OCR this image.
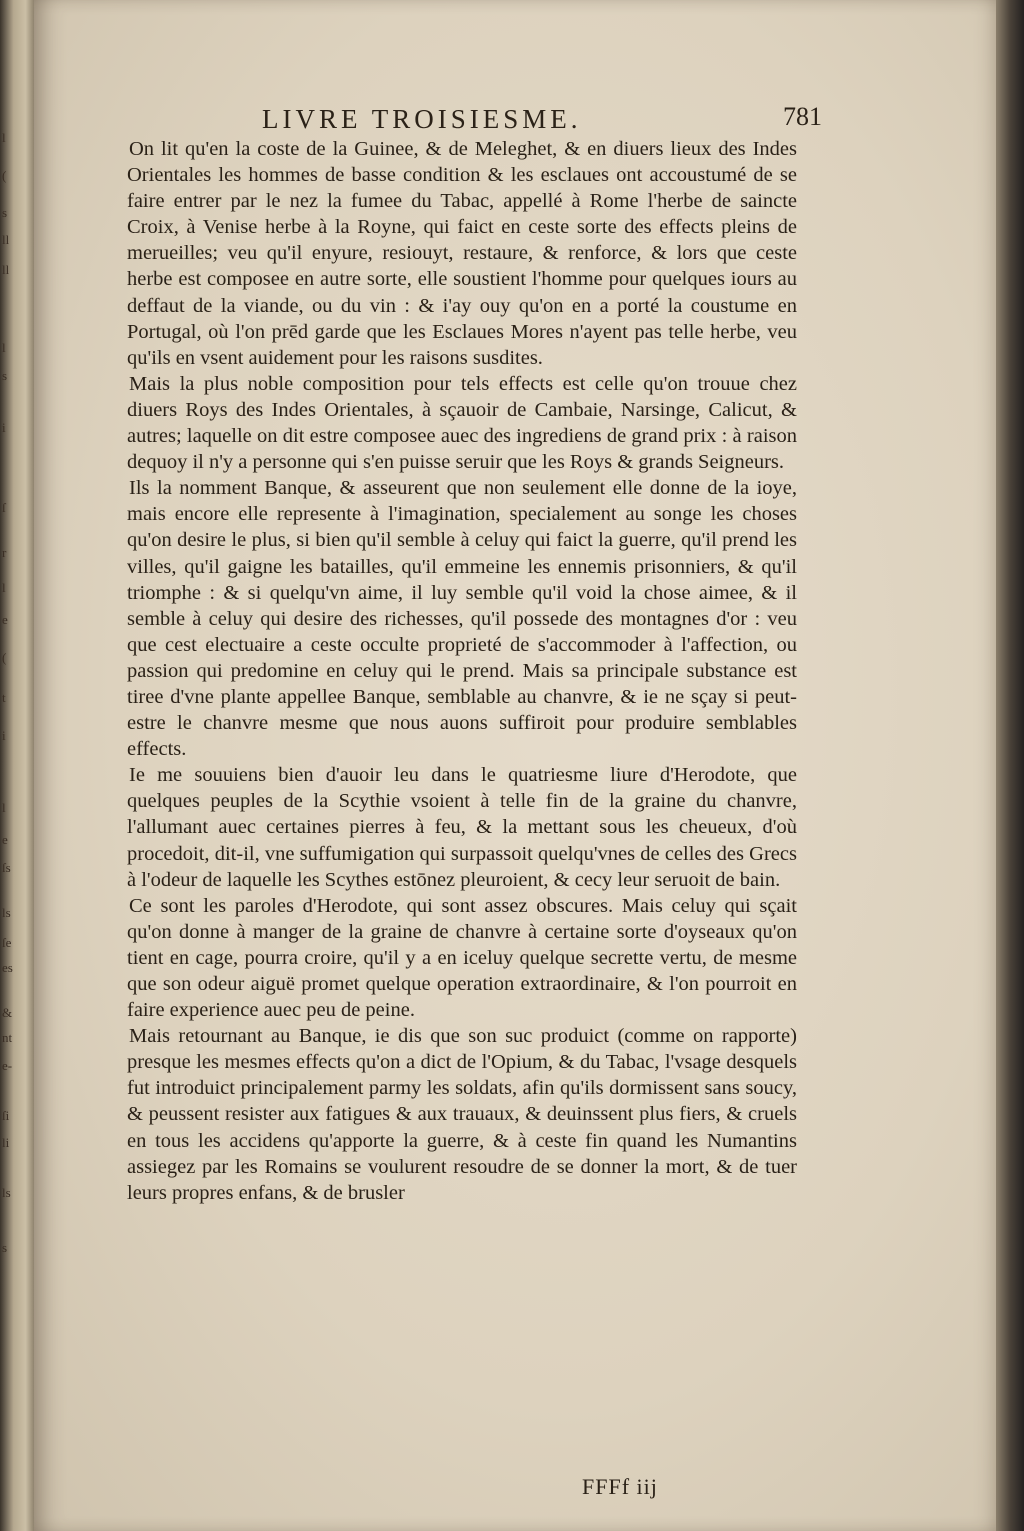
l
(
s
ll
ll
l
s
i
ſ
r
l
e
(
t
i
l
e
ſs
ls
ſe
es
&
nt
e-
ſi
li
ls
s
LIVRE TROISIESME.	781

On lit qu'en la coste de la Guinee, & de Meleghet, & en diuers lieux des Indes Orientales les hommes de basse condition & les esclaues ont accoustumé de se faire entrer par le nez la fumee du Tabac, appellé à Rome l'herbe de saincte Croix, à Venise herbe à la Royne, qui faict en ceste sorte des effects pleins de merueilles; veu qu'il enyure, resiouyt, restaure, & renforce, & lors que ceste herbe est composee en autre sorte, elle soustient l'homme pour quelques iours au deffaut de la viande, ou du vin : & i'ay ouy qu'on en a porté la coustume en Portugal, où l'on prēd garde que les Esclaues Mores n'ayent pas telle herbe, veu qu'ils en vsent auidement pour les raisons susdites.

Mais la plus noble composition pour tels effects est celle qu'on trouue chez diuers Roys des Indes Orientales, à sçauoir de Cambaie, Narsinge, Calicut, & autres; laquelle on dit estre composee auec des ingrediens de grand prix : à raison dequoy il n'y a personne qui s'en puisse seruir que les Roys & grands Seigneurs.

Ils la nomment Banque, & asseurent que non seulement elle donne de la ioye, mais encore elle represente à l'imagination, specialement au songe les choses qu'on desire le plus, si bien qu'il semble à celuy qui faict la guerre, qu'il prend les villes, qu'il gaigne les batailles, qu'il emmeine les ennemis prisonniers, & qu'il triomphe : & si quelqu'vn aime, il luy semble qu'il void la chose aimee, & il semble à celuy qui desire des richesses, qu'il possede des montagnes d'or : veu que cest electuaire a ceste occulte proprieté de s'accommoder à l'affection, ou passion qui predomine en celuy qui le prend. Mais sa principale substance est tiree d'vne plante appellee Banque, semblable au chanvre, & ie ne sçay si peut-estre le chanvre mesme que nous auons suffiroit pour produire semblables effects.

Ie me souuiens bien d'auoir leu dans le quatriesme liure d'Herodote, que quelques peuples de la Scythie vsoient à telle fin de la graine du chanvre, l'allumant auec certaines pierres à feu, & la mettant sous les cheueux, d'où procedoit, dit-il, vne suffumigation qui surpassoit quelqu'vnes de celles des Grecs à l'odeur de laquelle les Scythes estōnez pleuroient, & cecy leur seruoit de bain.

Ce sont les paroles d'Herodote, qui sont assez obscures. Mais celuy qui sçait qu'on donne à manger de la graine de chanvre à certaine sorte d'oyseaux qu'on tient en cage, pourra croire, qu'il y a en iceluy quelque secrette vertu, de mesme que son odeur aiguë promet quelque operation extraordinaire, & l'on pourroit en faire experience auec peu de peine.

Mais retournant au Banque, ie dis que son suc produict (comme on rapporte) presque les mesmes effects qu'on a dict de l'Opium, & du Tabac, l'vsage desquels fut introduict principalement parmy les soldats, afin qu'ils dormissent sans soucy, & peussent resister aux fatigues & aux trauaux, & deuinssent plus fiers, & cruels en tous les accidens qu'apporte la guerre, & à ceste fin quand les Numantins assiegez par les Romains se voulurent resoudre de se donner la mort, & de tuer leurs propres enfans, & de brusler

FFFf iij
